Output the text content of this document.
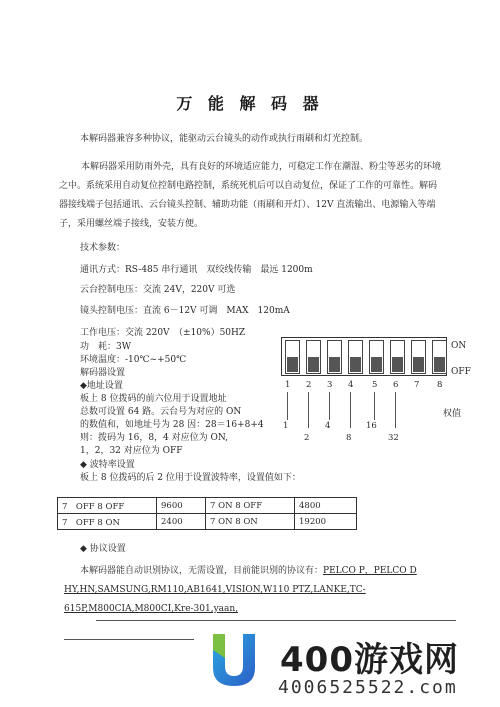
万 能 解 码 器
本解码器兼容多种协议，能驱动云台镜头的动作或执行雨刷和灯光控制。
本解码器采用防雨外壳，具有良好的环境适应能力，可稳定工作在潮湿、粉尘等恶劣的环境之中。系统采用自动复位控制电路控制，系统死机后可以自动复位，保证了工作的可靠性。解码器接线端子包括通讯、云台镜头控制、辅助功能（雨刷和开灯）、12V 直流输出、电源输入等端子，采用螺丝端子接线，安装方便。
技术参数：
通讯方式：RS-485 串行通讯　双绞线传输　最远 1200m
云台控制电压：交流 24V，220V 可选
镜头控制电压：直流 6－12V 可调　MAX　120mA
工作电压：交流 220V　（±10%）50HZ
功　耗：3W
环境温度：-10℃~+50℃
解码器设置
◆地址设置
板上 8 位拨码的前六位用于设置地址
总数可设置 64 路。云台号为对应的 ON
的数值和，如地址号为 28 因：28＝16+8+4
则：拨码为 16，8，4 对应位为 ON,
1，2，32 对应位为 OFF
ON
OFF
1 2 3 4 5 6 7 8
1
2
4
8
16
32
权值
◆ 波特率设置
板上 8 位拨码的后 2 位用于设置波特率，设置值如下：
7　OFF 8 OFF	9600	7 ON 8 OFF	4800
7　OFF 8 ON	2400	7 ON 8 ON	19200
◆ 协议设置
本解码器能自动识别协议，无需设置，目前能识别的协议有：PELCO P，PELCO D HY,HN,SAMSUNG,RM110,AB1641,VISION,W110 PTZ,LANKE,TC-615P,M800CIA,M800CI,Kre-301,yaan,
400游戏网
4006525522.com
